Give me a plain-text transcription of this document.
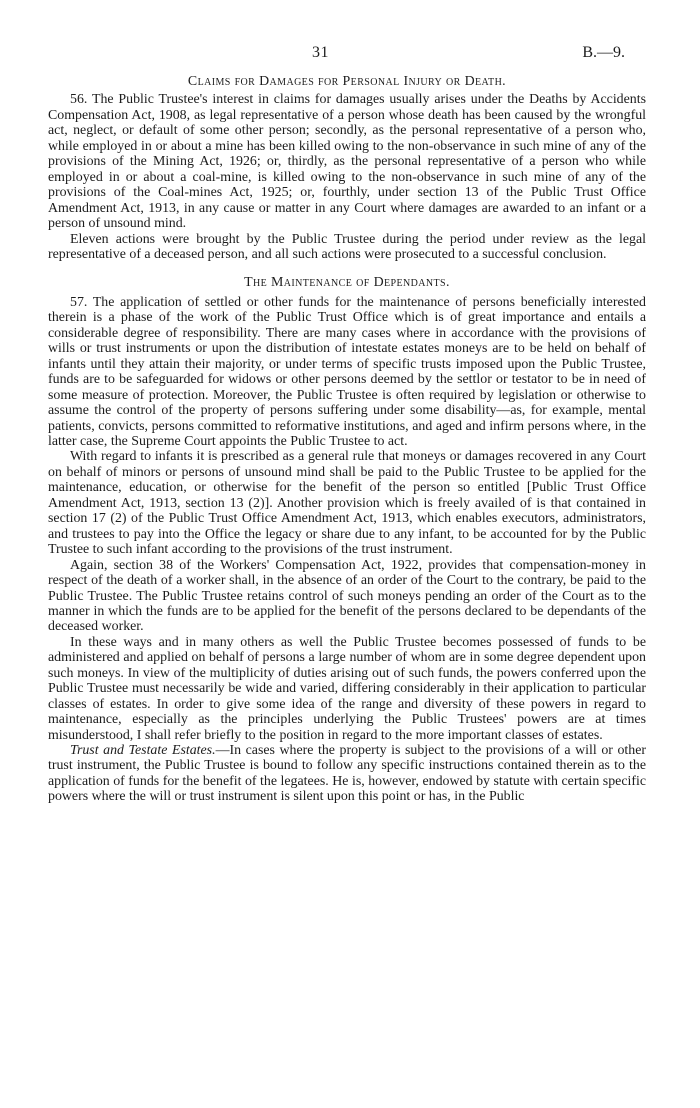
31	B.—9.
Claims for Damages for Personal Injury or Death.

56. The Public Trustee's interest in claims for damages usually arises under the Deaths by Accidents Compensation Act, 1908, as legal representative of a person whose death has been caused by the wrongful act, neglect, or default of some other person; secondly, as the personal representative of a person who, while employed in or about a mine has been killed owing to the non-observance in such mine of any of the provisions of the Mining Act, 1926; or, thirdly, as the personal representative of a person who while employed in or about a coal-mine, is killed owing to the non-observance in such mine of any of the provisions of the Coal-mines Act, 1925; or, fourthly, under section 13 of the Public Trust Office Amendment Act, 1913, in any cause or matter in any Court where damages are awarded to an infant or a person of unsound mind.

Eleven actions were brought by the Public Trustee during the period under review as the legal representative of a deceased person, and all such actions were prosecuted to a successful conclusion.

The Maintenance of Dependants.

57. The application of settled or other funds for the maintenance of persons beneficially interested therein is a phase of the work of the Public Trust Office which is of great importance and entails a considerable degree of responsibility. There are many cases where in accordance with the provisions of wills or trust instruments or upon the distribution of intestate estates moneys are to be held on behalf of infants until they attain their majority, or under terms of specific trusts imposed upon the Public Trustee, funds are to be safeguarded for widows or other persons deemed by the settlor or testator to be in need of some measure of protection. Moreover, the Public Trustee is often required by legislation or otherwise to assume the control of the property of persons suffering under some disability—as, for example, mental patients, convicts, persons committed to reformative institutions, and aged and infirm persons where, in the latter case, the Supreme Court appoints the Public Trustee to act.

With regard to infants it is prescribed as a general rule that moneys or damages recovered in any Court on behalf of minors or persons of unsound mind shall be paid to the Public Trustee to be applied for the maintenance, education, or otherwise for the benefit of the person so entitled [Public Trust Office Amendment Act, 1913, section 13 (2)]. Another provision which is freely availed of is that contained in section 17 (2) of the Public Trust Office Amendment Act, 1913, which enables executors, administrators, and trustees to pay into the Office the legacy or share due to any infant, to be accounted for by the Public Trustee to such infant according to the provisions of the trust instrument.

Again, section 38 of the Workers' Compensation Act, 1922, provides that compensation-money in respect of the death of a worker shall, in the absence of an order of the Court to the contrary, be paid to the Public Trustee. The Public Trustee retains control of such moneys pending an order of the Court as to the manner in which the funds are to be applied for the benefit of the persons declared to be dependants of the deceased worker.

In these ways and in many others as well the Public Trustee becomes possessed of funds to be administered and applied on behalf of persons a large number of whom are in some degree dependent upon such moneys. In view of the multiplicity of duties arising out of such funds, the powers conferred upon the Public Trustee must necessarily be wide and varied, differing considerably in their application to particular classes of estates. In order to give some idea of the range and diversity of these powers in regard to maintenance, especially as the principles underlying the Public Trustees' powers are at times misunderstood, I shall refer briefly to the position in regard to the more important classes of estates.

Trust and Testate Estates.—In cases where the property is subject to the provisions of a will or other trust instrument, the Public Trustee is bound to follow any specific instructions contained therein as to the application of funds for the benefit of the legatees. He is, however, endowed by statute with certain specific powers where the will or trust instrument is silent upon this point or has, in the Public
